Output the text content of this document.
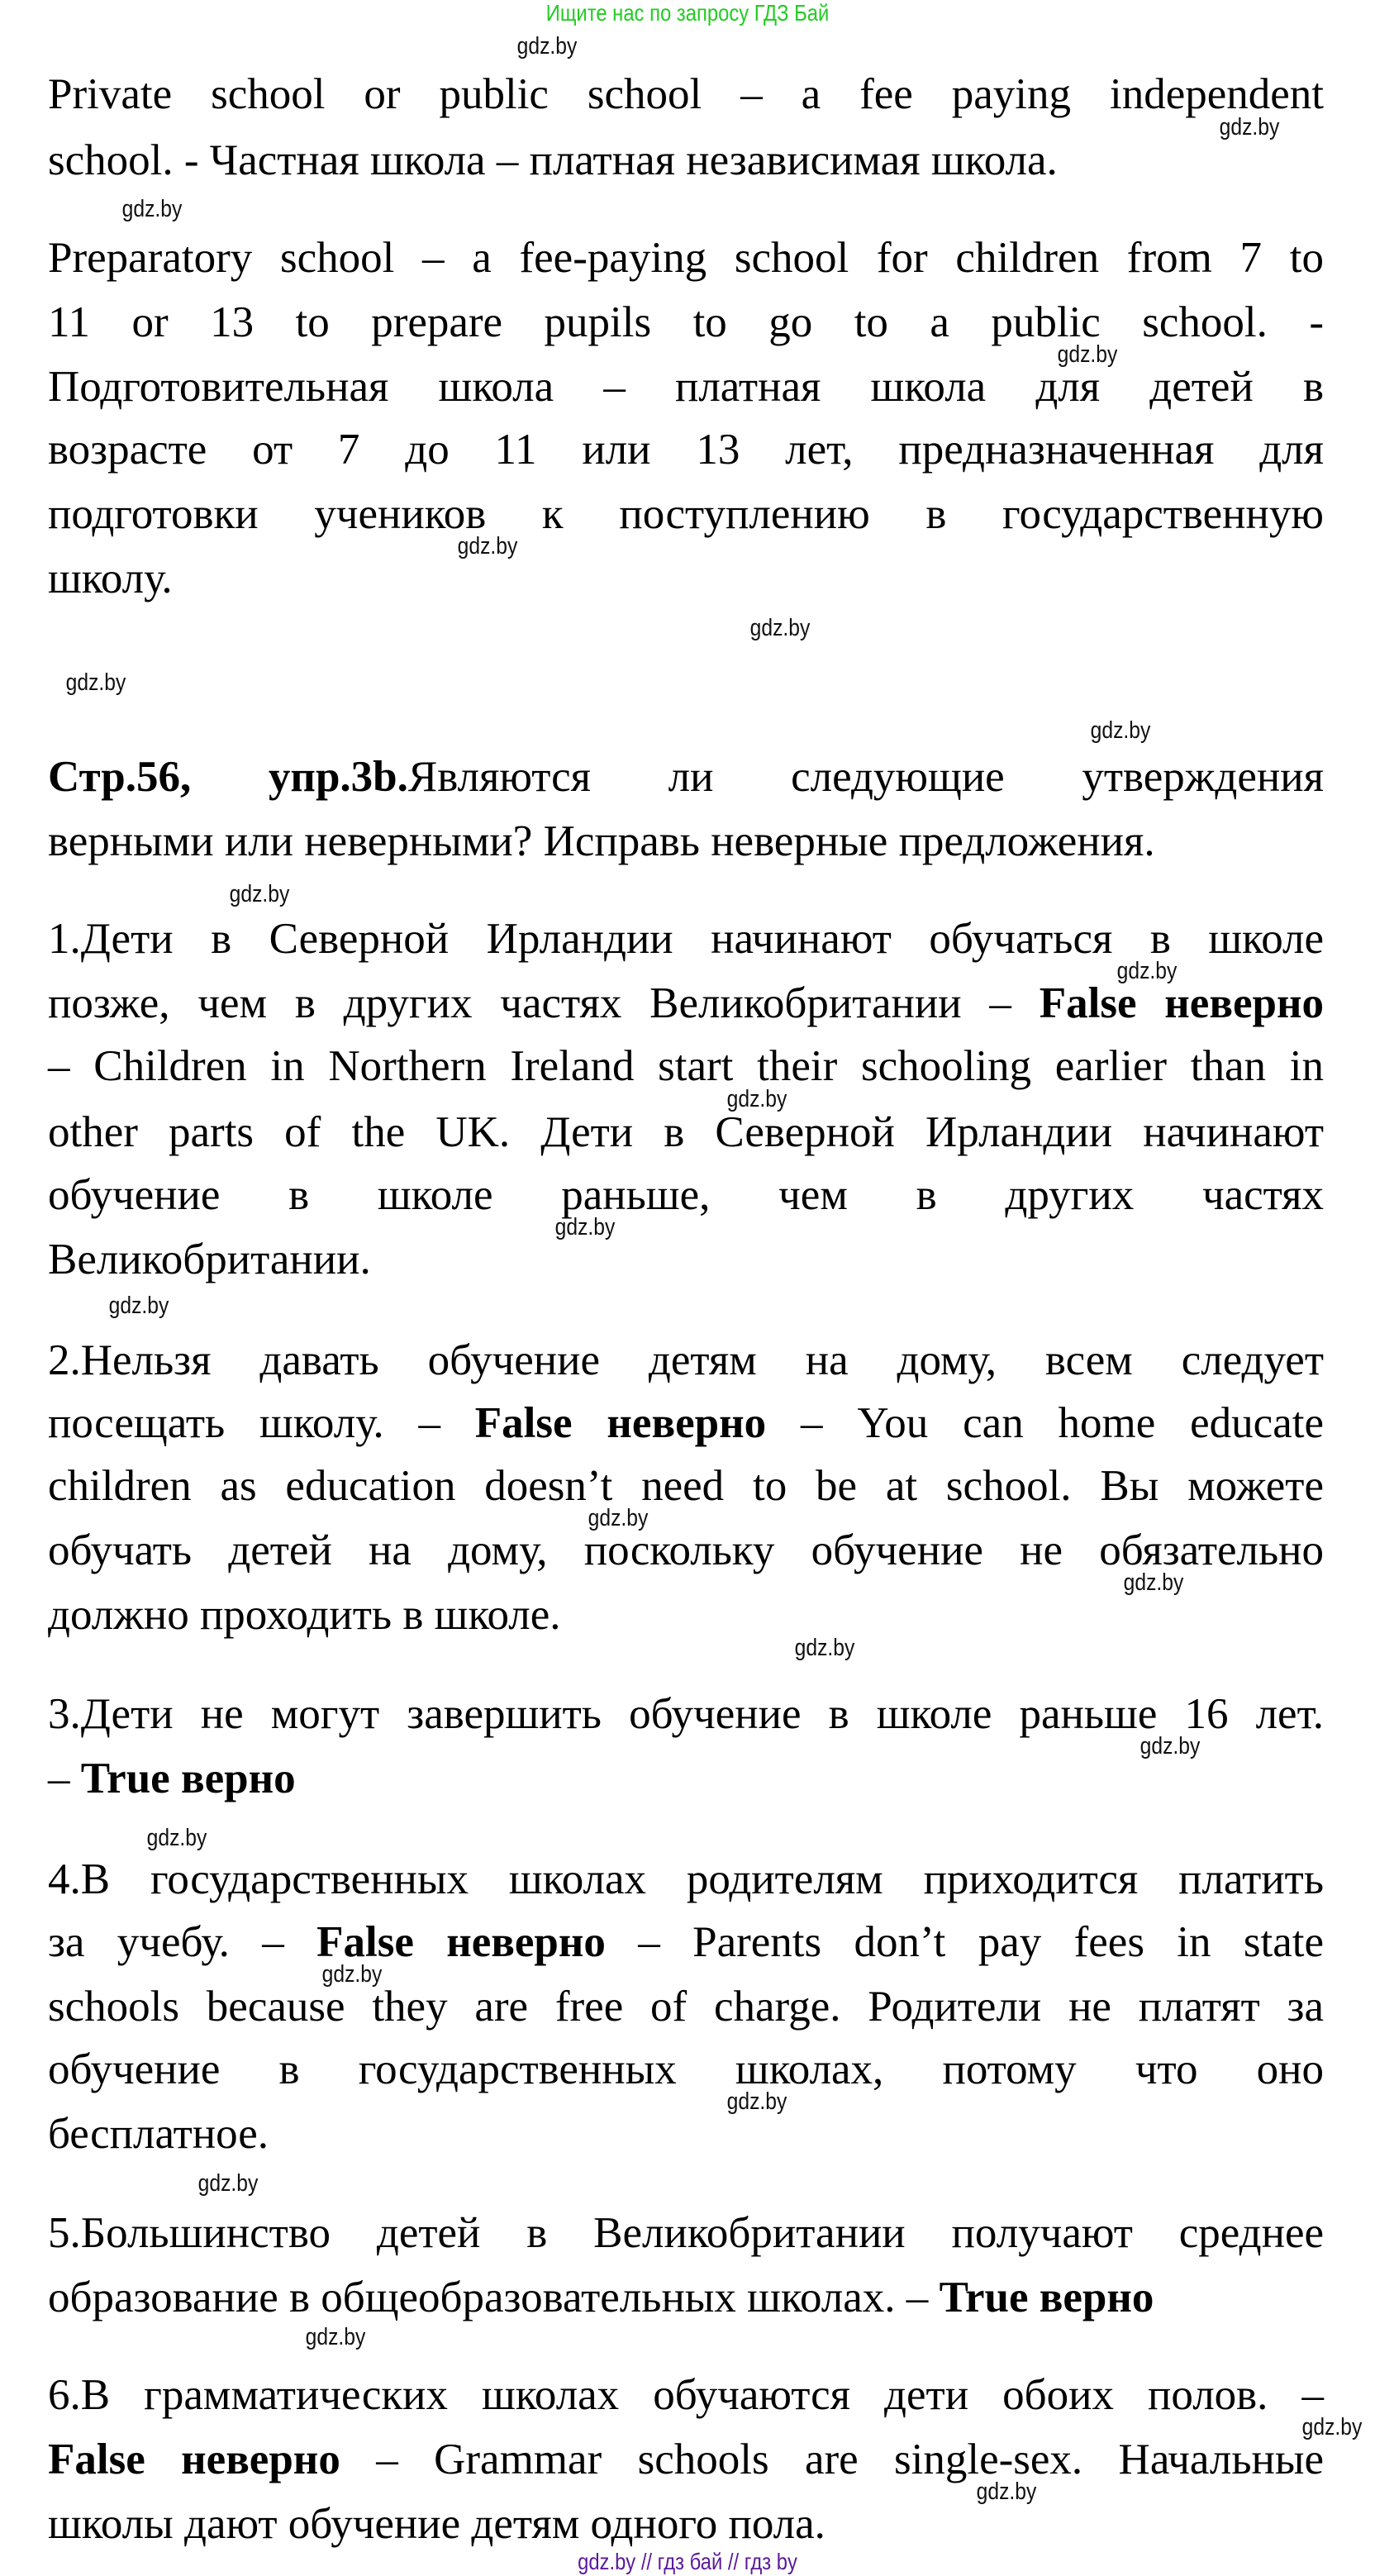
Ищите нас по запросу ГДЗ Бай
Private school or public school – a fee paying independent
school. - Частная школа – платная независимая школа.
Preparatory school – a fee-paying school for children from 7 to
11 or 13 to prepare pupils to go to a public school. -
Подготовительная школа – платная школа для детей в
возрасте от 7 до 11 или 13 лет, предназначенная для
подготовки учеников к поступлению в государственную
школу.
Стр.56, упр.3b.Являются ли следующие утверждения
верными или неверными? Исправь неверные предложения.
1.Дети в Северной Ирландии начинают обучаться в школе
позже, чем в других частях Великобритании – False неверно
– Children in Northern Ireland start their schooling earlier than in
other parts of the UK. Дети в Северной Ирландии начинают
обучение в школе раньше, чем в других частях
Великобритании.
2.Нельзя давать обучение детям на дому, всем следует
посещать школу. – False неверно – You can home educate
children as education doesn’t need to be at school. Вы можете
обучать детей на дому, поскольку обучение не обязательно
должно проходить в школе.
3.Дети не могут завершить обучение в школе раньше 16 лет.
– True верно
4.В государственных школах родителям приходится платить
за учебу. – False неверно – Parents don’t pay fees in state
schools because they are free of charge. Родители не платят за
обучение в государственных школах, потому что оно
бесплатное.
5.Большинство детей в Великобритании получают среднее
образование в общеобразовательных школах. – True верно
6.В грамматических школах обучаются дети обоих полов. –
False неверно – Grammar schools are single-sex. Начальные
школы дают обучение детям одного пола.
gdz.by
gdz.by
gdz.by
gdz.by
gdz.by
gdz.by
gdz.by
gdz.by
gdz.by
gdz.by
gdz.by
gdz.by
gdz.by
gdz.by
gdz.by
gdz.by
gdz.by
gdz.by
gdz.by
gdz.by
gdz.by
gdz.by
gdz.by
gdz.by
gdz.by // гдз бай // гдз by
